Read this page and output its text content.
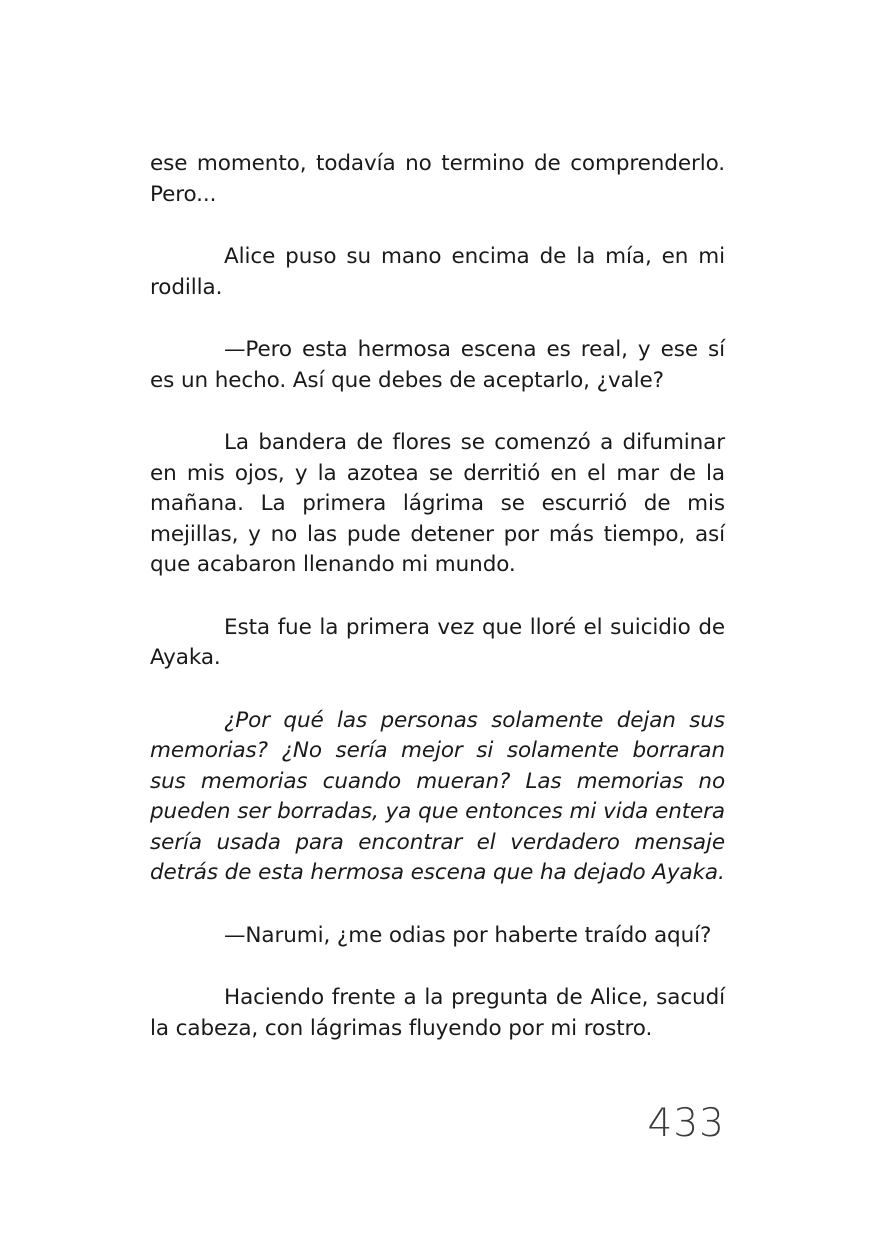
ese momento, todavía no termino de comprenderlo. Pero...

Alice puso su mano encima de la mía, en mi rodilla.

—Pero esta hermosa escena es real, y ese sí es un hecho. Así que debes de aceptarlo, ¿vale?

La bandera de flores se comenzó a difuminar en mis ojos, y la azotea se derritió en el mar de la mañana. La primera lágrima se escurrió de mis mejillas, y no las pude detener por más tiempo, así que acabaron llenando mi mundo.

Esta fue la primera vez que lloré el suicidio de Ayaka.

¿Por qué las personas solamente dejan sus memorias? ¿No sería mejor si solamente borraran sus memorias cuando mueran? Las memorias no pueden ser borradas, ya que entonces mi vida entera sería usada para encontrar el verdadero mensaje detrás de esta hermosa escena que ha dejado Ayaka.

—Narumi, ¿me odias por haberte traído aquí?

Haciendo frente a la pregunta de Alice, sacudí la cabeza, con lágrimas fluyendo por mi rostro.

433
